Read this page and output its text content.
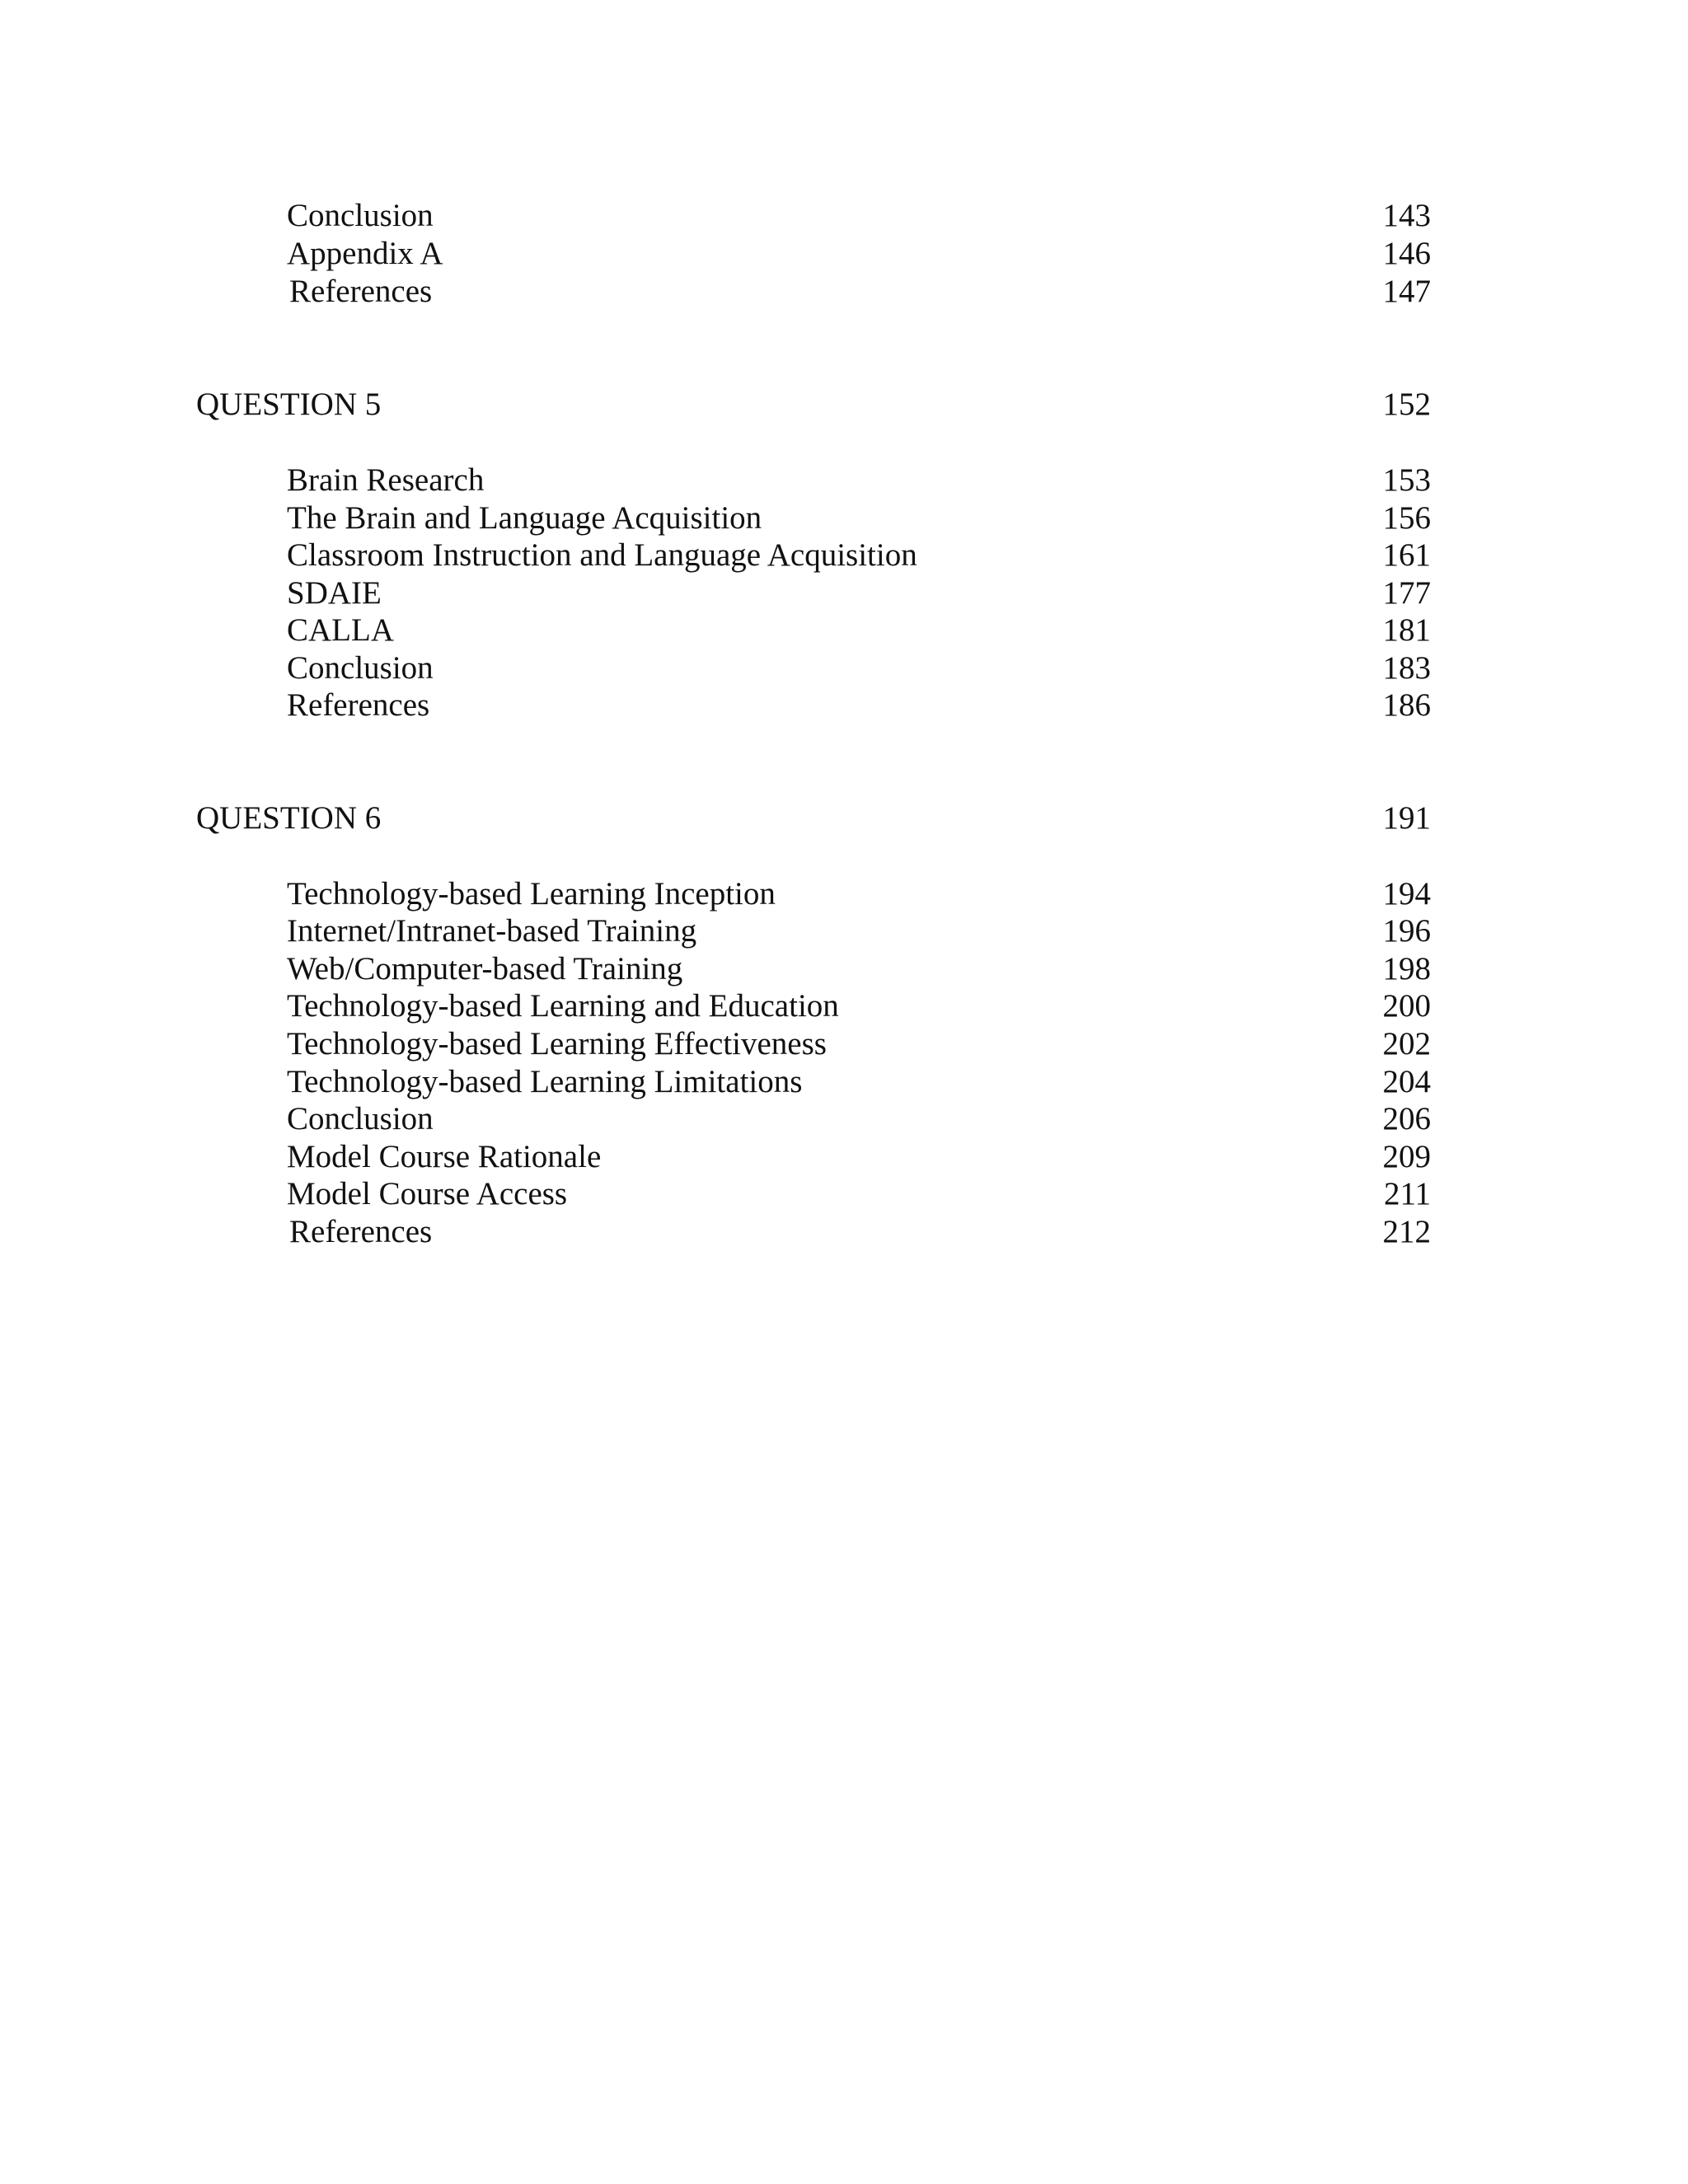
Conclusion	143
Appendix A	146
References	147
QUESTION 5	152
Brain Research	153
The Brain and Language Acquisition	156
Classroom Instruction and Language Acquisition	161
SDAIE	177
CALLA	181
Conclusion	183
References	186
QUESTION 6	191
Technology-based Learning Inception	194
Internet/Intranet-based Training	196
Web/Computer-based Training	198
Technology-based Learning and Education	200
Technology-based Learning Effectiveness	202
Technology-based Learning Limitations	204
Conclusion	206
Model Course Rationale	209
Model Course Access	211
References	212
